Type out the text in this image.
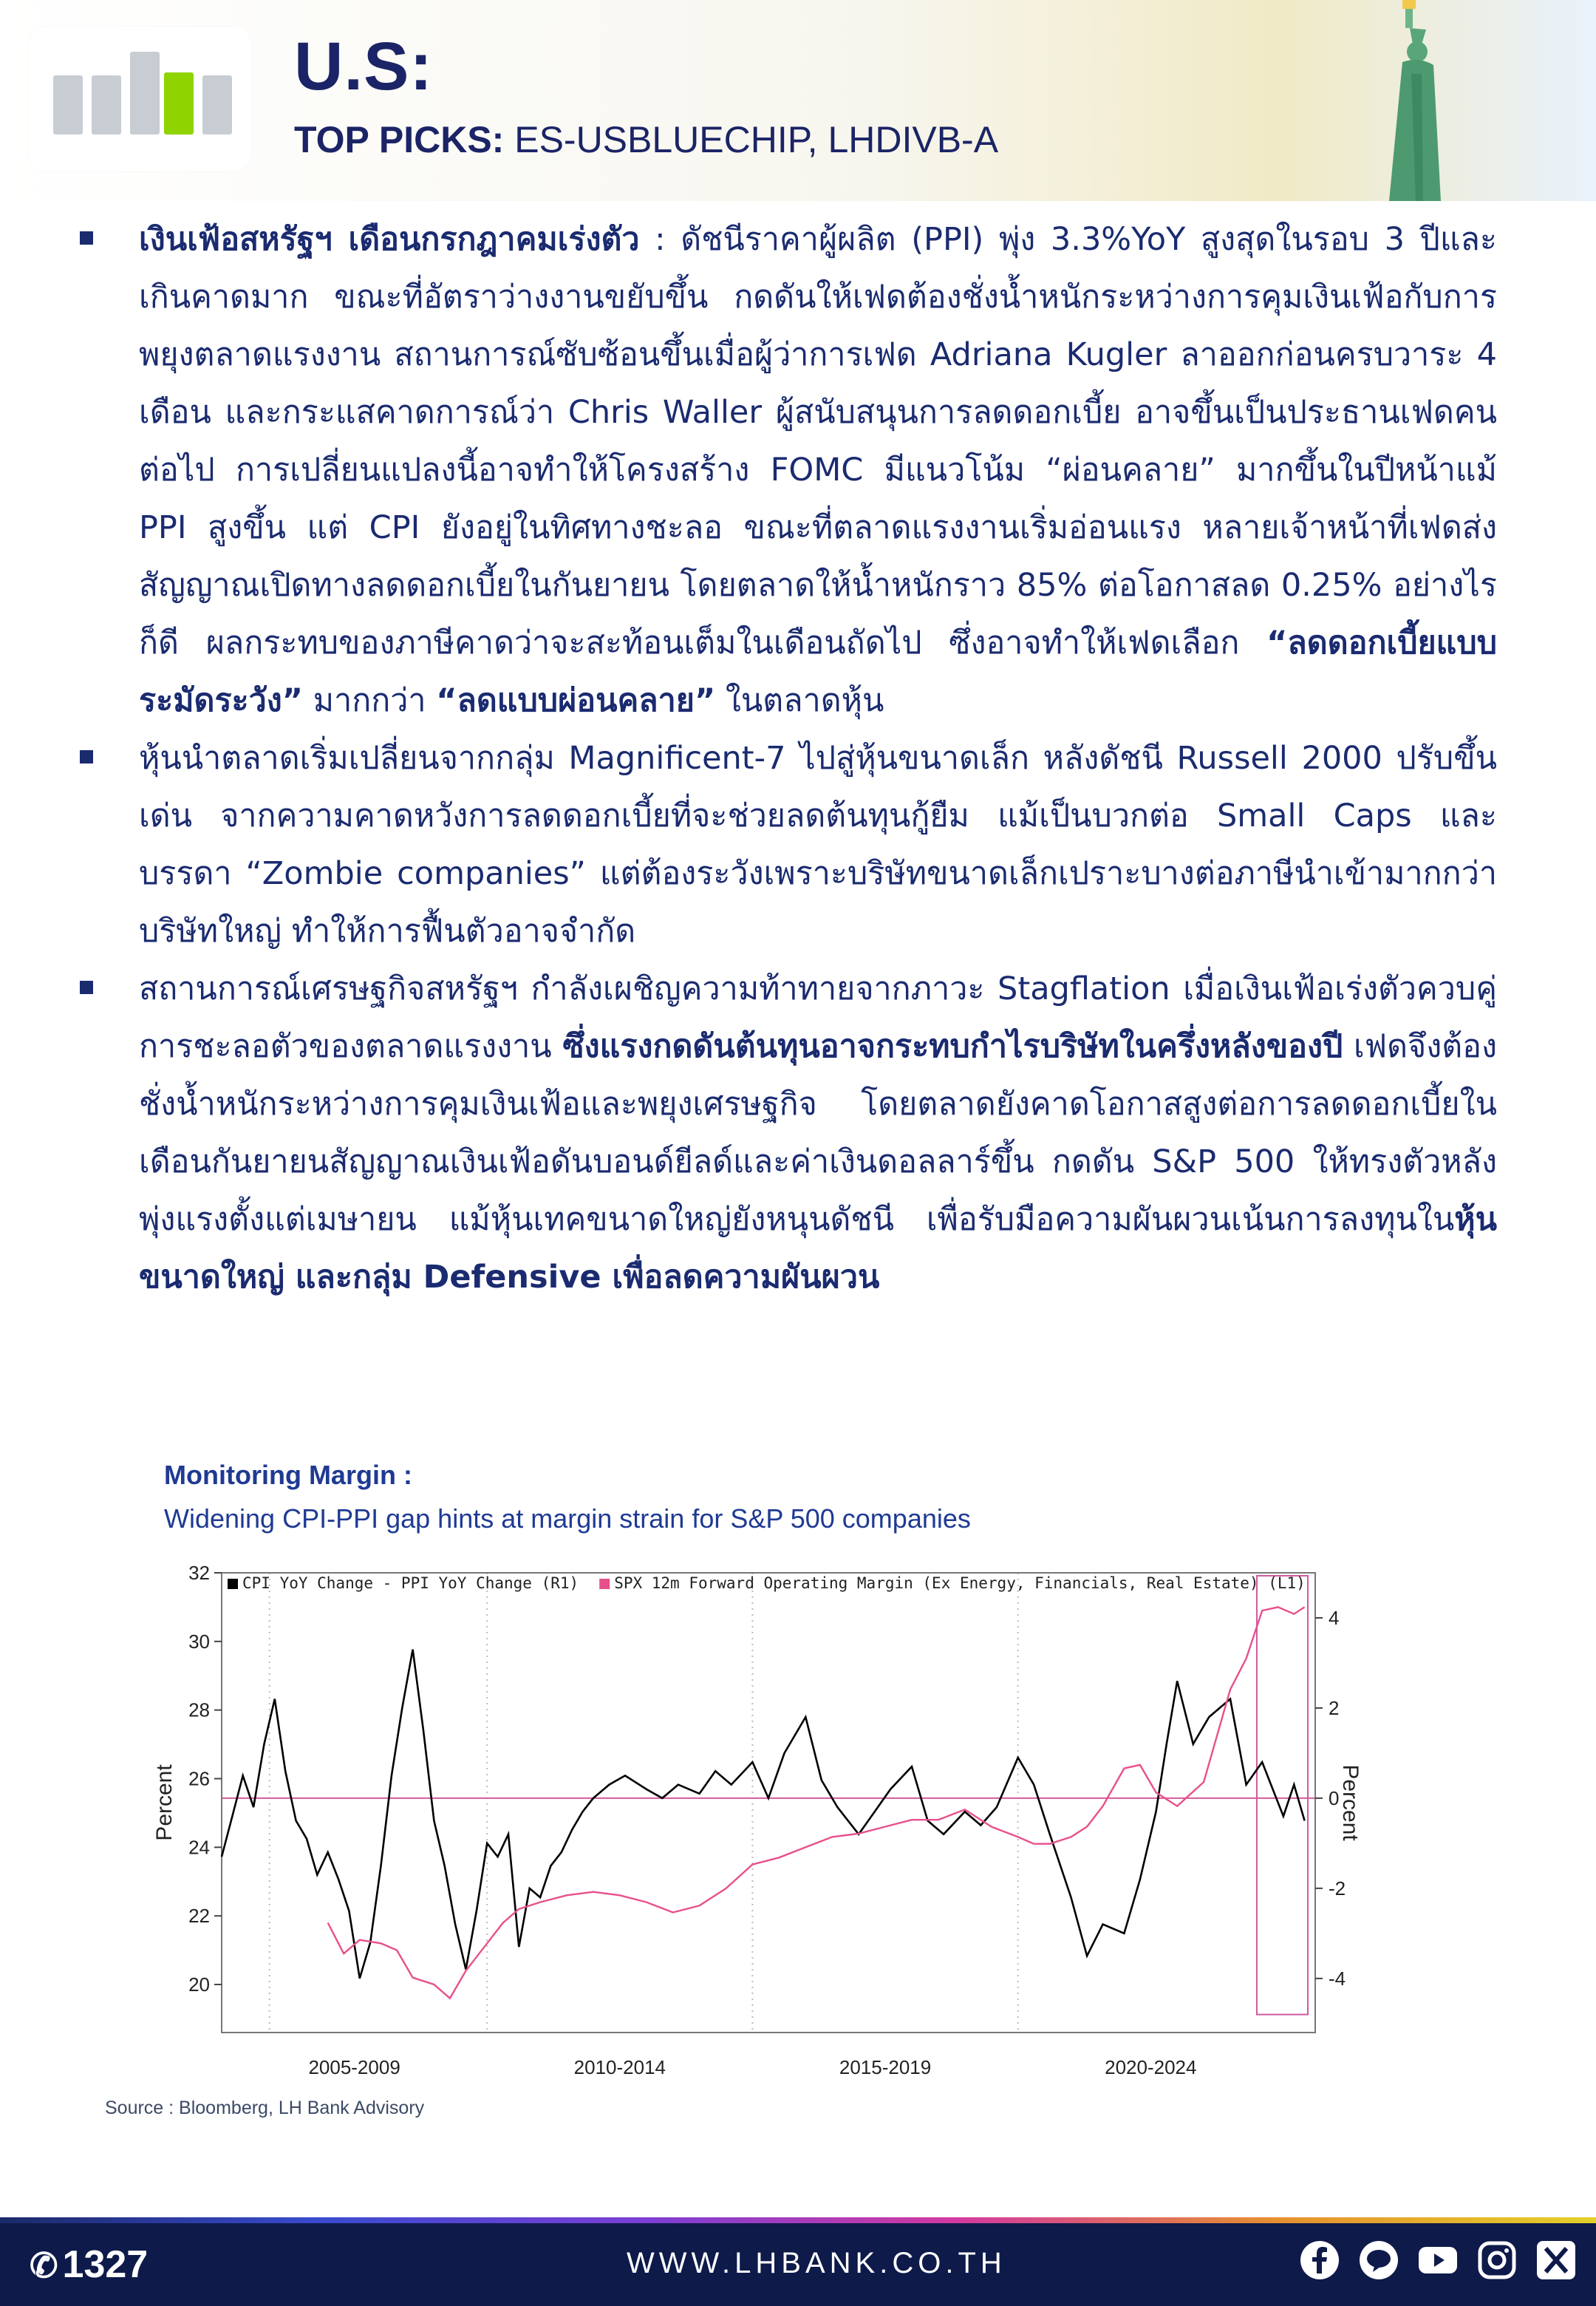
U.S:
TOP PICKS: ES-USBLUECHIP, LHDIVB-A

เงินเฟ้อสหรัฐฯ เดือนกรกฎาคมเร่งตัว : ดัชนีราคาผู้ผลิต (PPI) พุ่ง 3.3%YoY สูงสุดในรอบ 3 ปีและเกินคาดมาก ขณะที่อัตราว่างงานขยับขึ้น กดดันให้เฟดต้องชั่งน้ำหนักระหว่างการคุมเงินเฟ้อกับการพยุงตลาดแรงงาน สถานการณ์ซับซ้อนขึ้นเมื่อผู้ว่าการเฟด Adriana Kugler ลาออกก่อนครบวาระ 4 เดือน และกระแสคาดการณ์ว่า Chris Waller ผู้สนับสนุนการลดดอกเบี้ย อาจขึ้นเป็นประธานเฟดคนต่อไป การเปลี่ยนแปลงนี้อาจทำให้โครงสร้าง FOMC มีแนวโน้ม “ผ่อนคลาย” มากขึ้นในปีหน้าแม้ PPI สูงขึ้น แต่ CPI ยังอยู่ในทิศทางชะลอ ขณะที่ตลาดแรงงานเริ่มอ่อนแรง หลายเจ้าหน้าที่เฟดส่งสัญญาณเปิดทางลดดอกเบี้ยในกันยายน โดยตลาดให้น้ำหนักราว 85% ต่อโอกาสลด 0.25% อย่างไรก็ดี ผลกระทบของภาษีคาดว่าจะสะท้อนเต็มในเดือนถัดไป ซึ่งอาจทำให้เฟดเลือก “ลดดอกเบี้ยแบบระมัดระวัง” มากกว่า “ลดแบบผ่อนคลาย” ในตลาดหุ้น

หุ้นนำตลาดเริ่มเปลี่ยนจากกลุ่ม Magnificent-7 ไปสู่หุ้นขนาดเล็ก หลังดัชนี Russell 2000 ปรับขึ้นเด่น จากความคาดหวังการลดดอกเบี้ยที่จะช่วยลดต้นทุนกู้ยืม แม้เป็นบวกต่อ Small Caps และบรรดา “Zombie companies” แต่ต้องระวังเพราะบริษัทขนาดเล็กเปราะบางต่อภาษีนำเข้ามากกว่าบริษัทใหญ่ ทำให้การฟื้นตัวอาจจำกัด

สถานการณ์เศรษฐกิจสหรัฐฯ กำลังเผชิญความท้าทายจากภาวะ Stagflation เมื่อเงินเฟ้อเร่งตัวควบคู่การชะลอตัวของตลาดแรงงาน ซึ่งแรงกดดันต้นทุนอาจกระทบกำไรบริษัทในครึ่งหลังของปี เฟดจึงต้องชั่งน้ำหนักระหว่างการคุมเงินเฟ้อและพยุงเศรษฐกิจ โดยตลาดยังคาดโอกาสสูงต่อการลดดอกเบี้ยในเดือนกันยายนสัญญาณเงินเฟ้อดันบอนด์ยีลด์และค่าเงินดอลลาร์ขึ้น กดดัน S&P 500 ให้ทรงตัวหลังพุ่งแรงตั้งแต่เมษายน แม้หุ้นเทคขนาดใหญ่ยังหนุนดัชนี เพื่อรับมือความผันผวนเน้นการลงทุนในหุ้นขนาดใหญ่ และกลุ่ม Defensive เพื่อลดความผันผวน

Monitoring Margin :
Widening CPI-PPI gap hints at margin strain for S&P 500 companies
20
22
24
26
28
30
32
-4
-2
0
2
4
Percent	Percent
2005-2009	2010-2014	2015-2019	2020-2024
CPI YoY Change - PPI YoY Change (R1) SPX 12m Forward Operating Margin (Ex Energy, Financials, Real Estate) (L1)
Source : Bloomberg, LH Bank Advisory
✆ 1327	WWW.LHBANK.CO.TH
